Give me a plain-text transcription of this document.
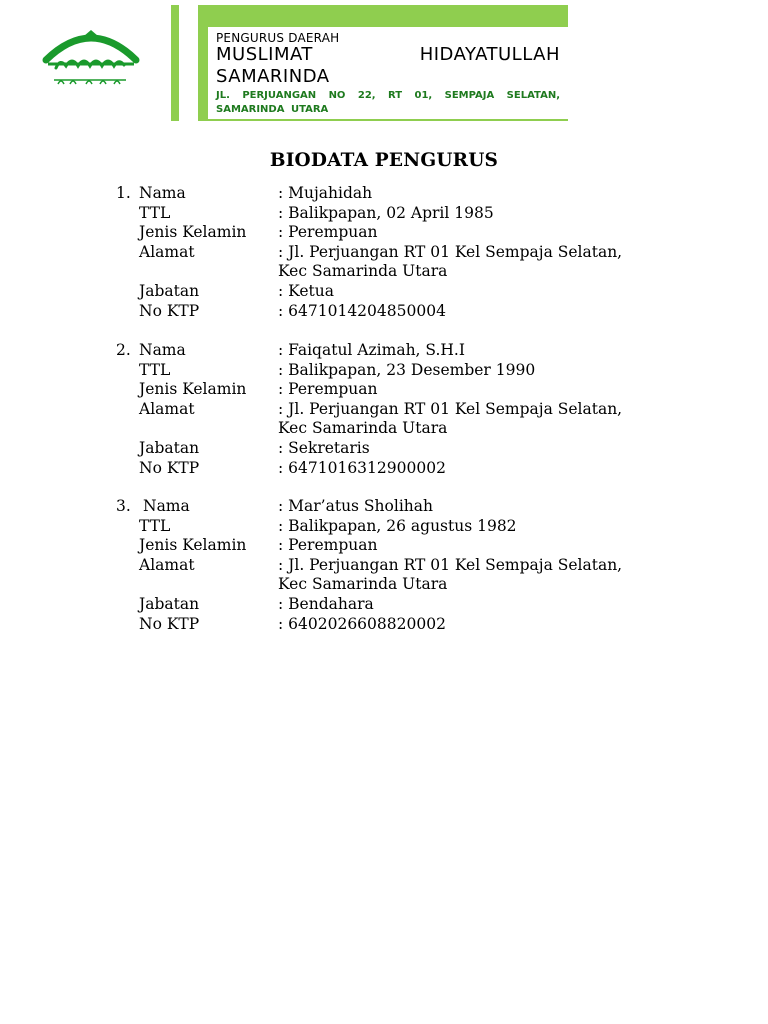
PENGURUS DAERAH
MUSLIMAT HIDAYATULLAH SAMARINDA
JL. PERJUANGAN NO 22, RT 01, SEMPAJA SELATAN, SAMARINDA UTARA
BIODATA PENGURUS
1. Nama	: Mujahidah
TTL	: Balikpapan, 02 April 1985
Jenis Kelamin : Perempuan
Alamat	: Jl. Perjuangan RT 01 Kel Sempaja Selatan,
Kec Samarinda Utara
Jabatan	: Ketua
No KTP	: 6471014204850004
2. Nama	: Faiqatul Azimah, S.H.I
TTL	: Balikpapan, 23 Desember 1990
Jenis Kelamin : Perempuan
Alamat	: Jl. Perjuangan RT 01 Kel Sempaja Selatan,
Kec Samarinda Utara
Jabatan	: Sekretaris
No KTP	: 6471016312900002
3. Nama	: Mar’atus Sholihah
TTL	: Balikpapan, 26 agustus 1982
Jenis Kelamin : Perempuan
Alamat	: Jl. Perjuangan RT 01 Kel Sempaja Selatan,
Kec Samarinda Utara
Jabatan	: Bendahara
No KTP	: 6402026608820002
